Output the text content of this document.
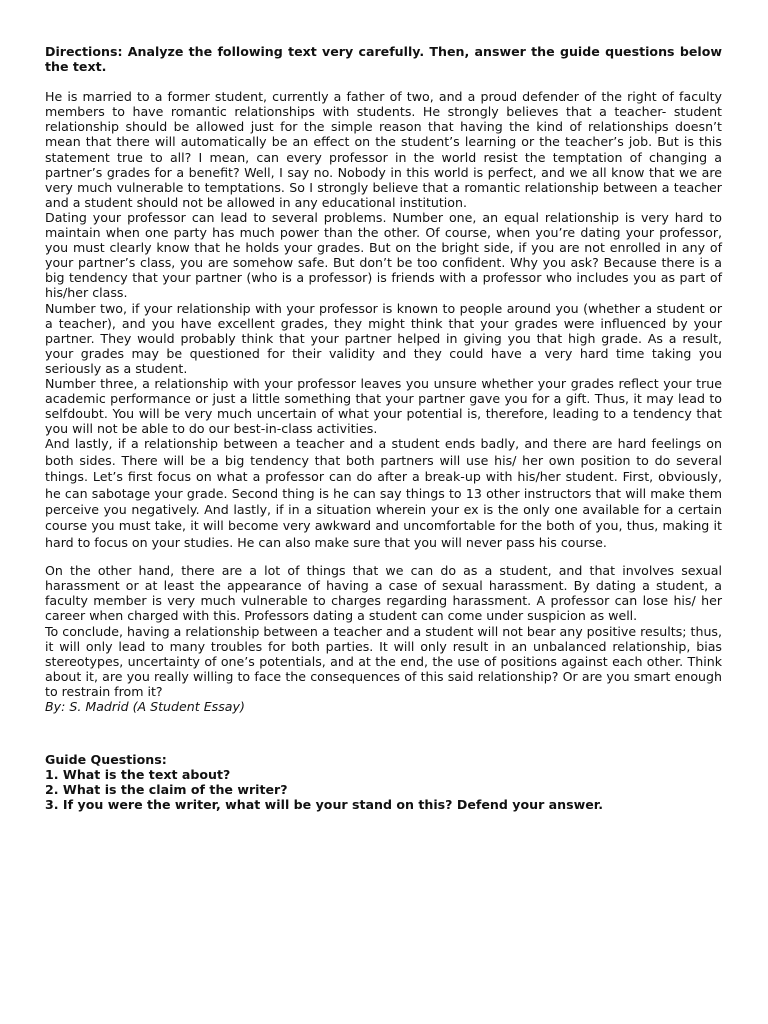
Directions: Analyze the following text very carefully. Then, answer the guide questions below the text.

He is married to a former student, currently a father of two, and a proud defender of the right of faculty members to have romantic relationships with students. He strongly believes that a teacher- student relationship should be allowed just for the simple reason that having the kind of relationships doesn’t mean that there will automatically be an effect on the student’s learning or the teacher’s job. But is this statement true to all? I mean, can every professor in the world resist the temptation of changing a partner’s grades for a benefit? Well, I say no. Nobody in this world is perfect, and we all know that we are very much vulnerable to temptations. So I strongly believe that a romantic relationship between a teacher and a student should not be allowed in any educational institution.

Dating your professor can lead to several problems. Number one, an equal relationship is very hard to maintain when one party has much power than the other. Of course, when you’re dating your professor, you must clearly know that he holds your grades. But on the bright side, if you are not enrolled in any of your partner’s class, you are somehow safe. But don’t be too confident. Why you ask? Because there is a big tendency that your partner (who is a professor) is friends with a professor who includes you as part of his/her class.

Number two, if your relationship with your professor is known to people around you (whether a student or a teacher), and you have excellent grades, they might think that your grades were influenced by your partner. They would probably think that your partner helped in giving you that high grade. As a result, your grades may be questioned for their validity and they could have a very hard time taking you seriously as a student.

Number three, a relationship with your professor leaves you unsure whether your grades reflect your true academic performance or just a little something that your partner gave you for a gift. Thus, it may lead to selfdoubt. You will be very much uncertain of what your potential is, therefore, leading to a tendency that you will not be able to do our best-in-class activities.

And lastly, if a relationship between a teacher and a student ends badly, and there are hard feelings on both sides. There will be a big tendency that both partners will use his/ her own position to do several things. Let’s first focus on what a professor can do after a break-up with his/her student. First, obviously, he can sabotage your grade. Second thing is he can say things to 13 other instructors that will make them perceive you negatively. And lastly, if in a situation wherein your ex is the only one available for a certain course you must take, it will become very awkward and uncomfortable for the both of you, thus, making it hard to focus on your studies. He can also make sure that you will never pass his course.

On the other hand, there are a lot of things that we can do as a student, and that involves sexual harassment or at least the appearance of having a case of sexual harassment. By dating a student, a faculty member is very much vulnerable to charges regarding harassment. A professor can lose his/ her career when charged with this. Professors dating a student can come under suspicion as well.

To conclude, having a relationship between a teacher and a student will not bear any positive results; thus, it will only lead to many troubles for both parties. It will only result in an unbalanced relationship, bias stereotypes, uncertainty of one’s potentials, and at the end, the use of positions against each other. Think about it, are you really willing to face the consequences of this said relationship? Or are you smart enough to restrain from it?

By: S. Madrid (A Student Essay)

Guide Questions:

1. What is the text about?

2. What is the claim of the writer?

3. If you were the writer, what will be your stand on this? Defend your answer.
